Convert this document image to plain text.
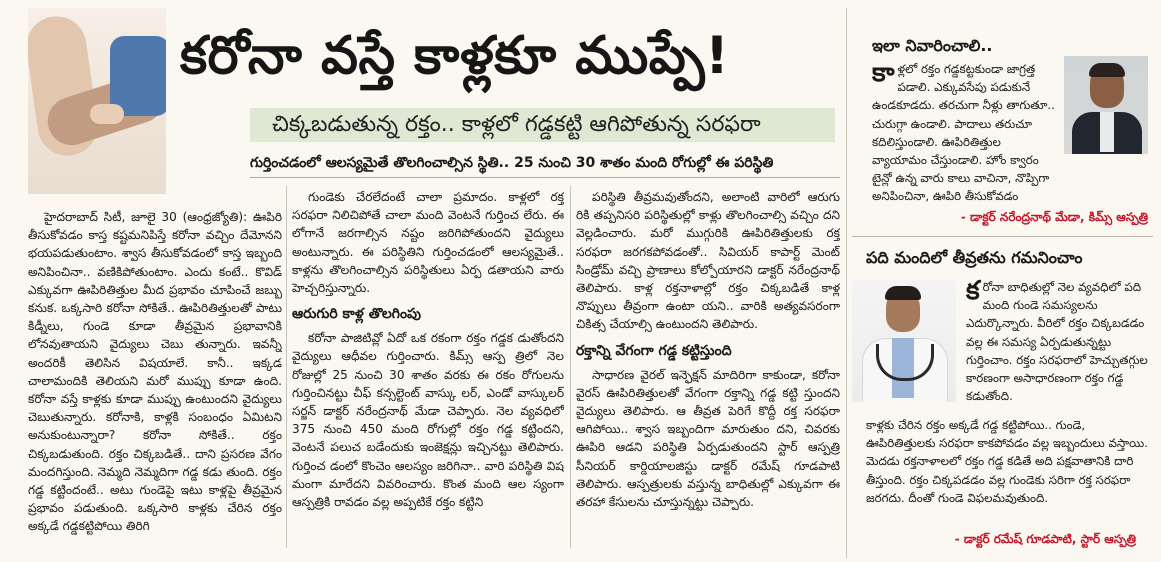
కరోనా వస్తే కాళ్లకూ ముప్పే!
చిక్కబడుతున్న రక్తం.. కాళ్లలో గడ్డకట్టి ఆగిపోతున్న సరఫరా
గుర్తించడంలో ఆలస్యమైతే తొలగించాల్సిన స్థితి.. 25 నుంచి 30 శాతం మంది రోగుల్లో ఈ పరిస్థితి

హైదరాబాద్ సిటీ, జూలై 30 (ఆంధ్రజ్యోతి): ఊపిరి తీసుకోవడం కాస్త కష్టమనిపిస్తే కరోనా వచ్చిం దేమోనని భయపడుతుంటాం. శ్వాస తీసుకోవడంలో కాస్త ఇబ్బంది అనిపించినా.. వణికిపోతుంటాం. ఎందు కంటే.. కొవిడ్ ఎక్కువగా ఊపిరితిత్తుల మీద ప్రభావం చూపించే జబ్బు కనుక. ఒక్కసారి కరోనా సోకితే.. ఊపిరితిత్తులతో పాటు కిడ్నీలు, గుండె కూడా తీవ్రమైన ప్రభావానికి లోనవుతాయని వైద్యులు చెబు తున్నారు. ఇవన్నీ అందరికీ తెలిసిన విషయాలే. కానీ.. ఇక్కడ చాలామందికి తెలియని మరో ముప్పు కూడా ఉంది. కరోనా వస్తే కాళ్లకు కూడా ముప్పు ఉంటుందని వైద్యులు చెబుతున్నారు. కరోనాకి, కాళ్లకి సంబంధం ఏమిటని అనుకుంటున్నారా? కరోనా సోకితే.. రక్తం చిక్కబడుతుంది. రక్తం చిక్కబడితే.. దాని ప్రసరణ వేగం మందగిస్తుంది. నెమ్మది నెమ్మదిగా గడ్డ కడు తుంది. రక్తం గడ్డ కట్టిందంటే.. అటు గుండెపై ఇటు కాళ్లపై తీవ్రమైన ప్రభావం పడుతుంది. ఒక్కసారి కాళ్లకు చేరిన రక్తం అక్కడే గడ్డకట్టిపోయి తిరిగి

గుండెకు చేరలేదంటే చాలా ప్రమాదం. కాళ్లలో రక్త సరఫరా నిలిచిపోతే చాలా మంది వెంటనే గుర్తించ లేరు. ఈ లోగానే జరగాల్సిన నష్టం జరిగిపోతుందని వైద్యులు అంటున్నారు. ఈ పరిస్థితిని గుర్తించడంలో ఆలస్యమైతే.. కాళ్లను తొలగించాల్సిన పరిస్థితులు ఏర్ప డతాయని వారు హెచ్చరిస్తున్నారు.

ఆరుగురి కాళ్ల తొలగింపు

కరోనా పాజిటివ్లో ఏదో ఒక రకంగా రక్తం గడ్డక డుతోందని వైద్యులు ఆధీవల గుర్తించారు. కిమ్స్ ఆస్ప త్రిలో నెల రోజుల్లో 25 నుంచి 30 శాతం వరకు ఈ రకం రోగులను గుర్తించినట్టు చీఫ్ కన్సల్టెంట్ వాస్కు లర్, ఎండో వాస్కులర్ సర్జన్ డాక్టర్ నరేంద్రనాథ్ మేడా చెప్పారు. నెల వ్యవధిలో 375 నుంచి 450 మంది రోగుల్లో రక్తం గడ్డ కట్టిందని, వెంటనే పలుచ బడేందుకు ఇంజెక్షన్లు ఇచ్చినట్టు తెలిపారు. గుర్తించ డంలో కొంచెం ఆలస్యం జరిగినా.. వారి పరిస్థితి విష మంగా మారేదని వివరించారు. కొంత మంది ఆల స్యంగా ఆస్పత్రికి రావడం వల్ల అప్పటికే రక్తం కట్టిని

పరిస్థితి తీవ్రమవుతోందని, అలాంటి వారిలో ఆరుగు రికి తప్పనిసరి పరిస్థితుల్లో కాళ్లు తొలగించాల్సి వచ్చిం దని వెల్లడించారు. మరో ముగ్గురికి ఊపిరితిత్తులకు రక్త సరఫరా జరగకపోవడంతో.. సివియర్ కాపార్ట్ మెంట్ సిండ్రోమ్ వచ్చి ప్రాణాలు కోల్పోయారని డాక్టర్ నరేంద్రనాథ్ తెలిపారు. కాళ్ల రక్తనాళాల్లో రక్తం చిక్కబడితే కాళ్ల నొప్పులు తీవ్రంగా ఉంటా యని.. వారికి అత్యవసరంగా చికిత్స చేయాల్సి ఉంటుందని తెలిపారు.

రక్తాన్ని వేగంగా గడ్డ కట్టిస్తుంది

సాధారణ వైరల్ ఇన్ఫెక్షన్ మాదిరిగా కాకుండా, కరోనా వైరస్ ఊపిరితిత్తులతో వేగంగా రక్తాన్ని గడ్డ కట్టి స్తుందని వైద్యులు తెలిపారు. ఆ తీవ్రత పెరిగే కొద్దీ రక్త సరఫరా ఆగిపోయి.. శ్వాస ఇబ్బందిగా మారుతుం దని, చివరకు ఊపిరి ఆడని పరిస్థితి ఏర్పడుతుందని స్టార్ ఆస్పత్రి సీనియర్ కార్డియాలజిస్టు డాక్టర్ రమేష్ గూడపాటి తెలిపారు. ఆస్పత్రులకు వస్తున్న బాధితుల్లో ఎక్కువగా ఈ తరహా కేసులను చూస్తున్నట్టు చెప్పారు.

ఇలా నివారించాలి..
కాళ్లలో రక్తం గడ్డకట్టకుండా జాగ్రత్త పడాలి. ఎక్కువసేపు పడుకునే ఉండకూడదు. తరచుగా నీళ్లు తాగుతూ.. చురుగ్గా ఉండాలి. పాదాలు తరుచూ కదిలిస్తుండాలి. ఊపిరితిత్తుల వ్యాయామం చేస్తుండాలి. హోం క్వారం టైన్లో ఉన్న వారు కాలు వాచినా, నొప్పిగా అనిపించినా, ఊపిరి తీసుకోవడం
- డాక్టర్ నరేంద్రనాథ్ మేడా, కిమ్స్ ఆస్పత్రి
పది మందిలో తీవ్రతను గమనించాం
కరోనా బాధితుల్లో నెల వ్యవధిలో పది మంది గుండె సమస్యలను ఎదుర్కొన్నారు. వీరిలో రక్తం చిక్కబడడం వల్ల ఈ సమస్య ఏర్పడుతున్నట్టు గుర్తించాం. రక్తం సరఫరాలో హెచ్చుతగ్గుల కారణంగా అసాధారణంగా రక్తం గడ్డ కడుతోంది.
కాళ్లకు చేరిన రక్తం అక్కడే గడ్డ కట్టిపోయి.. గుండె, ఊపిరితిత్తులకు సరఫరా కాకపోవడం వల్ల ఇబ్బందులు వస్తాయి. మెదడు రక్తనాళాలలో రక్తం గడ్డ కడితే అది పక్షవాతానికి దారి తీస్తుంది. రక్తం చిక్కపడడం వల్ల గుండెకు సరిగా రక్త సరఫరా జరగదు. దీంతో గుండె విఫలమవుతుంది.
- డాక్టర్ రమేష్ గూడపాటి, స్టార్ ఆస్పత్రి
